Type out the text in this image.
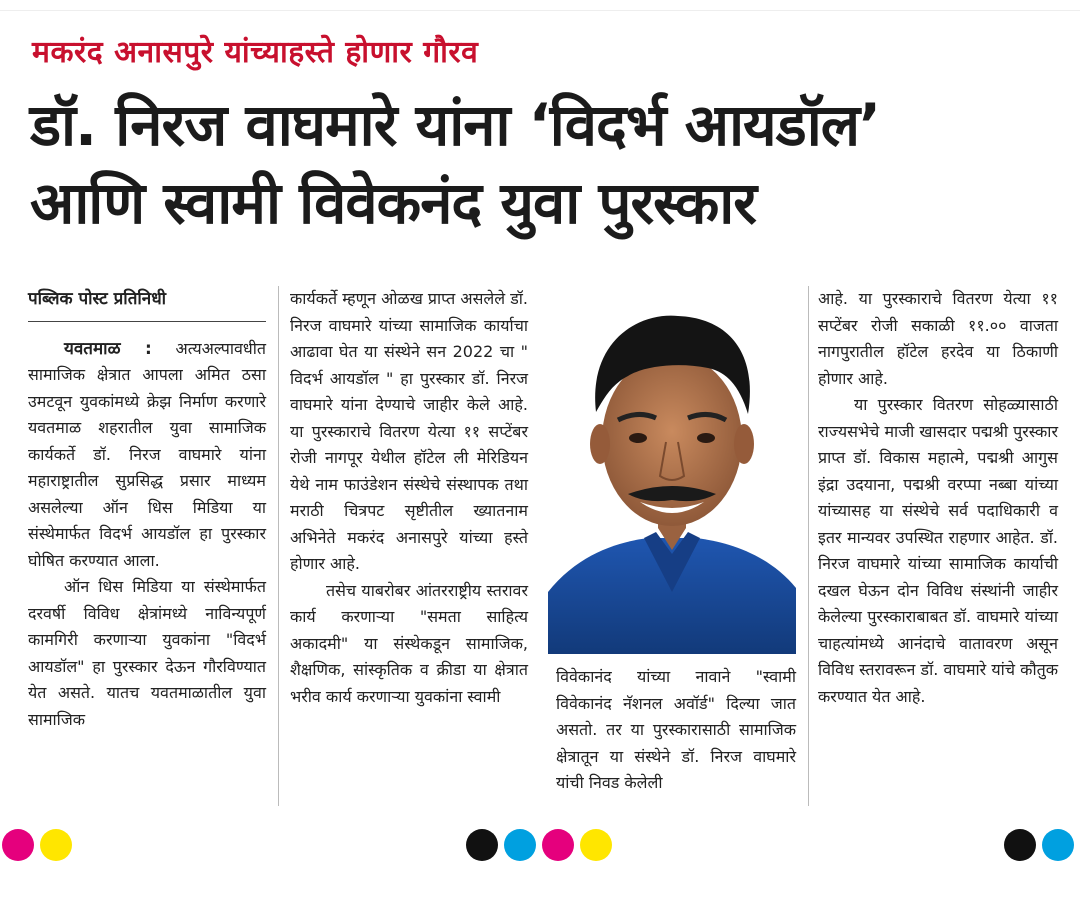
मकरंद अनासपुरे यांच्याहस्ते होणार गौरव
डॉ. निरज वाघमारे यांना ‘विदर्भ आयडॉल’
आणि स्वामी विवेकनंद युवा पुरस्कार
पब्लिक पोस्ट प्रतिनिधी

यवतमाळ : अत्यअल्पावधीत सामाजिक क्षेत्रात आपला अमित ठसा उमटवून युवकांमध्ये क्रेझ निर्माण करणारे यवतमाळ शहरातील युवा सामाजिक कार्यकर्ते डॉ. निरज वाघमारे यांना महाराष्ट्रातील सुप्रसिद्ध प्रसार माध्यम असलेल्या ऑन धिस मिडिया या संस्थेमार्फत विदर्भ आयडॉल हा पुरस्कार घोषित करण्यात आला.

ऑन धिस मिडिया या संस्थेमार्फत दरवर्षी विविध क्षेत्रांमध्ये नाविन्यपूर्ण कामगिरी करणाऱ्या युवकांना "विदर्भ आयडॉल" हा पुरस्कार देऊन गौरविण्यात येत असते. यातच यवतमाळातील युवा सामाजिक

कार्यकर्ते म्हणून ओळख प्राप्त असलेले डॉ. निरज वाघमारे यांच्या सामाजिक कार्याचा आढावा घेत या संस्थेने सन 2022 चा " विदर्भ आयडॉल " हा पुरस्कार डॉ. निरज वाघमारे यांना देण्याचे जाहीर केले आहे. या पुरस्काराचे वितरण येत्या ११ सप्टेंबर रोजी नागपूर येथील हॉटेल ली मेरिडियन येथे नाम फाउंडेशन संस्थेचे संस्थापक तथा मराठी चित्रपट सृष्टीतील ख्यातनाम अभिनेते मकरंद अनासपुरे यांच्या हस्ते होणार आहे.

तसेच याबरोबर आंतरराष्ट्रीय स्तरावर कार्य करणाऱ्या "समता साहित्य अकादमी" या संस्थेकडून सामाजिक, शैक्षणिक, सांस्कृतिक व क्रीडा या क्षेत्रात भरीव कार्य करणाऱ्या युवकांना स्वामी

विवेकानंद यांच्या नावाने "स्वामी विवेकानंद नॅशनल अवॉर्ड" दिल्या जात असतो. तर या पुरस्कारासाठी सामाजिक क्षेत्रातून या संस्थेने डॉ. निरज वाघमारे यांची निवड केलेली

आहे. या पुरस्काराचे वितरण येत्या ११ सप्टेंबर रोजी सकाळी ११.०० वाजता नागपुरातील हॉटेल हरदेव या ठिकाणी होणार आहे.

या पुरस्कार वितरण सोहळ्यासाठी राज्यसभेचे माजी खासदार पद्मश्री पुरस्कार प्राप्त डॉ. विकास महात्मे, पद्मश्री आगुस इंद्रा उदयाना, पद्मश्री वरप्पा नब्बा यांच्या यांच्यासह या संस्थेचे सर्व पदाधिकारी व इतर मान्यवर उपस्थित राहणार आहेत. डॉ. निरज वाघमारे यांच्या सामाजिक कार्याची दखल घेऊन दोन विविध संस्थांनी जाहीर केलेल्या पुरस्काराबाबत डॉ. वाघमारे यांच्या चाहत्यांमध्ये आनंदाचे वातावरण असून विविध स्तरावरून डॉ. वाघमारे यांचे कौतुक करण्यात येत आहे.
